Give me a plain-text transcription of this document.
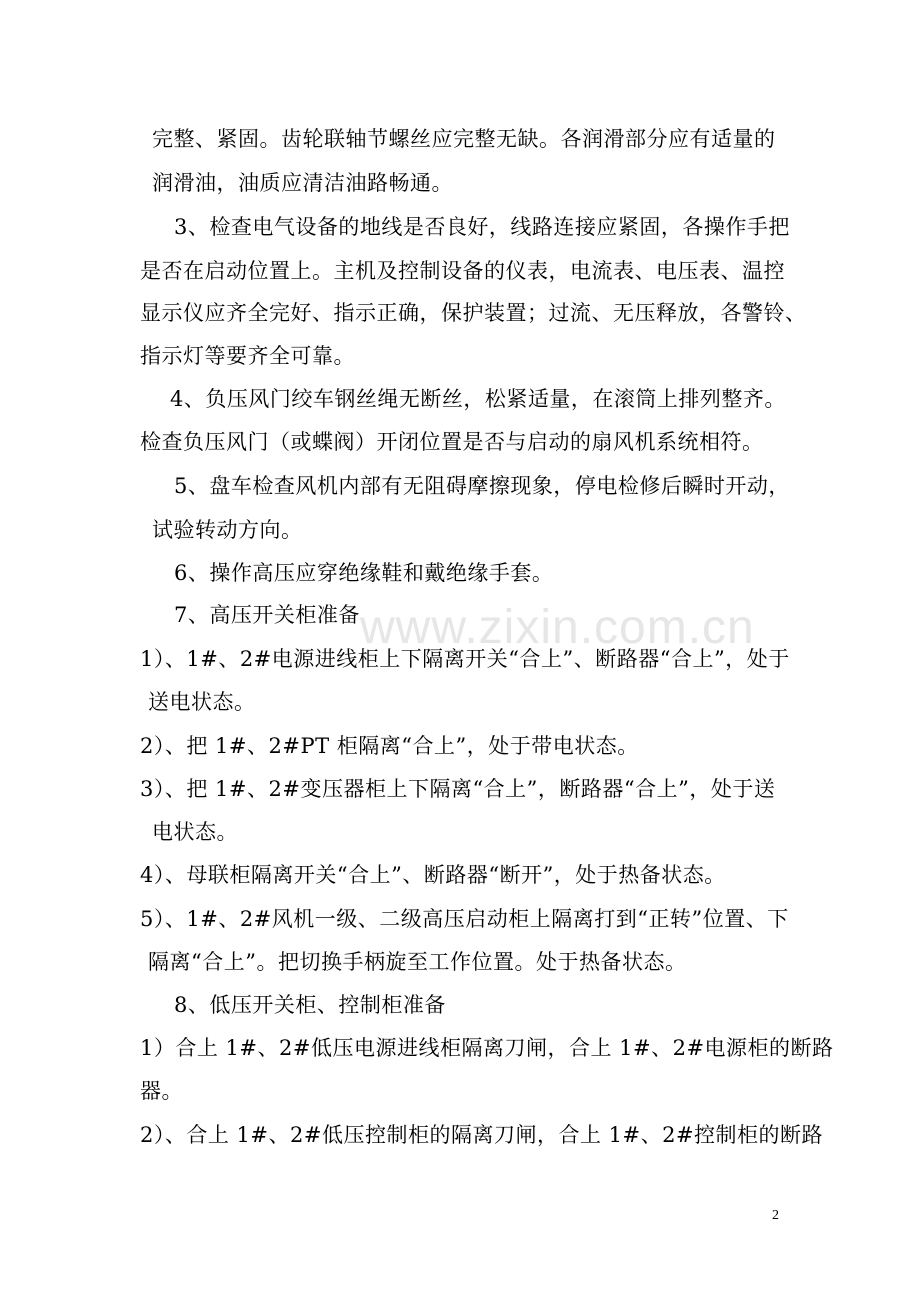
www.zixin.com.cn
完整、紧固。齿轮联轴节螺丝应完整无缺。各润滑部分应有适量的
润滑油，油质应清洁油路畅通。
3、检查电气设备的地线是否良好，线路连接应紧固，各操作手把
是否在启动位置上。主机及控制设备的仪表，电流表、电压表、温控
显示仪应齐全完好、指示正确，保护装置；过流、无压释放，各警铃、
指示灯等要齐全可靠。
4、负压风门绞车钢丝绳无断丝，松紧适量，在滚筒上排列整齐。
检查负压风门（或蝶阀）开闭位置是否与启动的扇风机系统相符。
5、盘车检查风机内部有无阻碍摩擦现象，停电检修后瞬时开动，
试验转动方向。
6、操作高压应穿绝缘鞋和戴绝缘手套。
7、高压开关柜准备
1）、1#、2#电源进线柜上下隔离开关“合上”、断路器“合上”，处于
送电状态。
2）、把 1#、2#PT 柜隔离“合上”，处于带电状态。
3）、把 1#、2#变压器柜上下隔离“合上”，断路器“合上”，处于送
电状态。
4）、母联柜隔离开关“合上”、断路器“断开”，处于热备状态。
5）、1#、2#风机一级、二级高压启动柜上隔离打到“正转”位置、下
隔离“合上”。把切换手柄旋至工作位置。处于热备状态。
8、低压开关柜、控制柜准备
1）合上 1#、2#低压电源进线柜隔离刀闸，合上 1#、2#电源柜的断路
器。
2）、合上 1#、2#低压控制柜的隔离刀闸，合上 1#、2#控制柜的断路
2
